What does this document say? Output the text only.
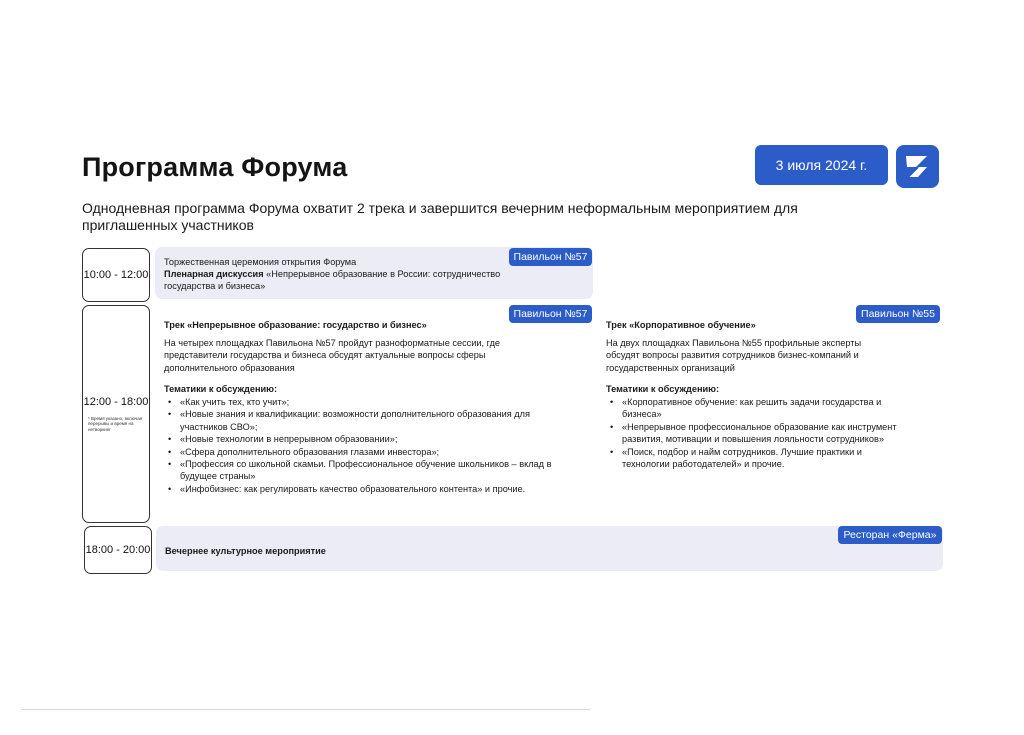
Программа Форума
Однодневная программа Форума охватит 2 трека и завершится вечерним неформальным мероприятием для приглашенных участников
3 июля 2024 г.
10:00 - 12:00
Павильон №57
Торжественная церемония открытия Форума
Пленарная дискуссия «Непрерывное образование в России: сотрудничество государства и бизнеса»
12:00 - 18:00
* Время указано, включая перерывы и время на нетворкинг
Павильон №57
Трек «Непрерывное образование: государство и бизнес»
На четырех площадках Павильона №57 пройдут разноформатные сессии, где представители государства и бизнеса обсудят актуальные вопросы сферы дополнительного образования
Тематики к обсуждению:
• «Как учить тех, кто учит»;
• «Новые знания и квалификации: возможности дополнительного образования для участников СВО»;
• «Новые технологии в непрерывном образовании»;
• «Сфера дополнительного образования глазами инвестора»;
• «Профессия со школьной скамьи. Профессиональное обучение школьников – вклад в будущее страны»
• «Инфобизнес: как регулировать качество образовательного контента» и прочие.
Павильон №55
Трек «Корпоративное обучение»
На двух площадках Павильона №55 профильные эксперты обсудят вопросы развития сотрудников бизнес-компаний и государственных организаций
Тематики к обсуждению:
• «Корпоративное обучение: как решить задачи государства и бизнеса»
• «Непрерывное профессиональное образование как инструмент развития, мотивации и повышения лояльности сотрудников»
• «Поиск, подбор и найм сотрудников. Лучшие практики и технологии работодателей» и прочие.
18:00 - 20:00
Ресторан «Ферма»
Вечернее культурное мероприятие
